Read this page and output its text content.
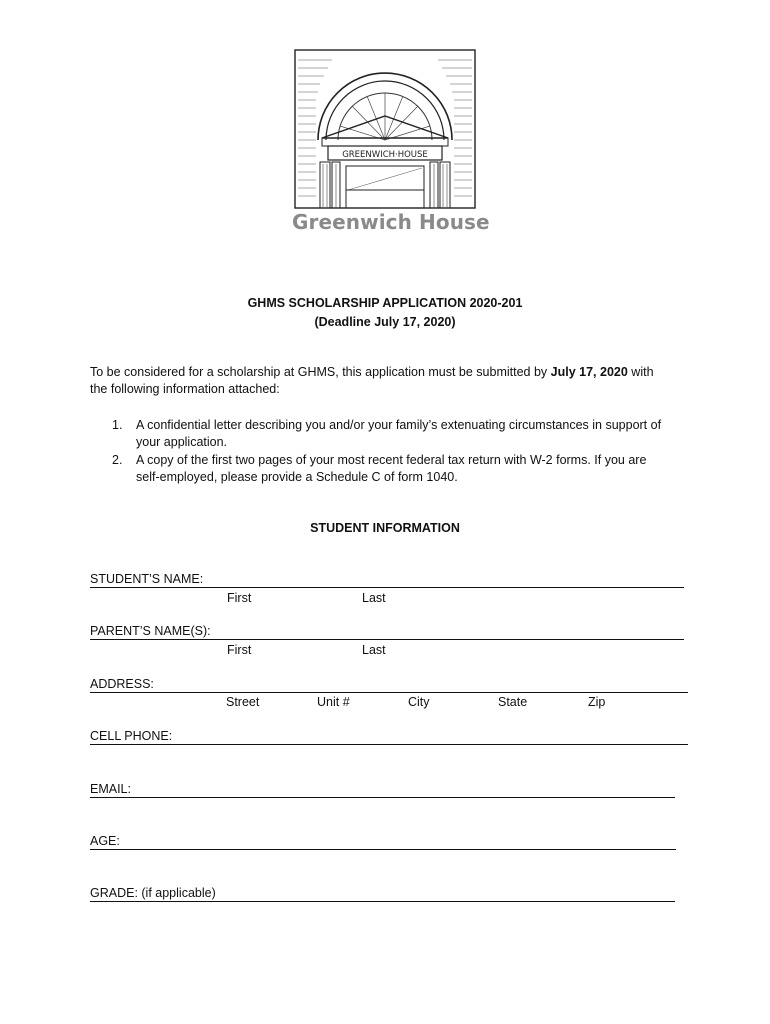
GREENWICH·HOUSE
Greenwich House
GHMS SCHOLARSHIP APPLICATION 2020-201
(Deadline July 17, 2020)
To be considered for a scholarship at GHMS, this application must be submitted by July 17, 2020 with
the following information attached:
1. A confidential letter describing you and/or your family’s extenuating circumstances in support of
your application.
2. A copy of the first two pages of your most recent federal tax return with W-2 forms. If you are
self-employed, please provide a Schedule C of form 1040.
STUDENT INFORMATION
STUDENT’S NAME:
First	Last
PARENT’S NAME(S):
First	Last
ADDRESS:
Street	Unit #	City	State	Zip
CELL PHONE:
EMAIL:
AGE:
GRADE: (if applicable)
